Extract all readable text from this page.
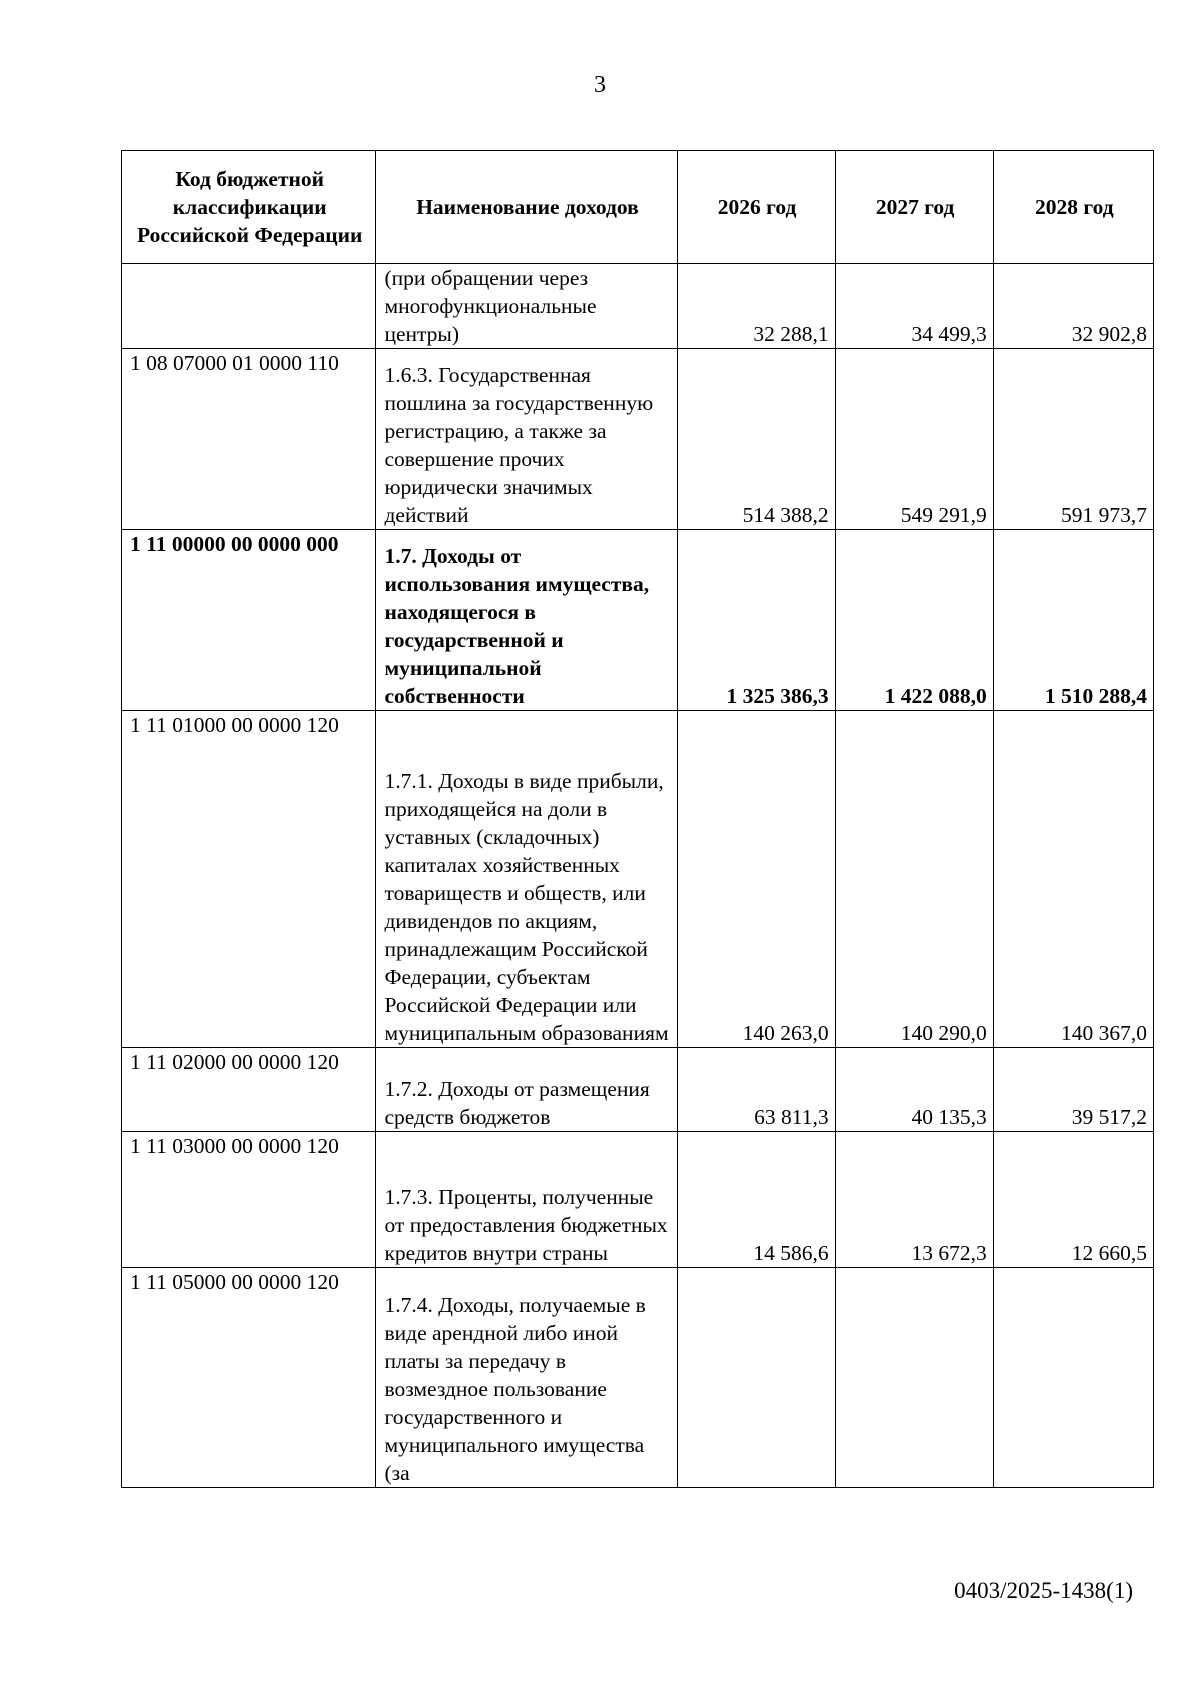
3
Код бюджетной классификации Российской Федерации	Наименование доходов	2026 год	2027 год	2028 год
	(при обращении через многофункциональные центры)	32 288,1	34 499,3	32 902,8
1 08 07000 01 0000 110	1.6.3. Государственная пошлина за государственную регистрацию, а также за совершение прочих юридически значимых действий	514 388,2	549 291,9	591 973,7
1 11 00000 00 0000 000	1.7. Доходы от использования имущества, находящегося в государственной и муниципальной собственности	1 325 386,3	1 422 088,0	1 510 288,4
1 11 01000 00 0000 120	1.7.1. Доходы в виде прибыли, приходящейся на доли в уставных (складочных) капиталах хозяйственных товариществ и обществ, или дивидендов по акциям, принадлежащим Российской Федерации, субъектам Российской Федерации или муниципальным образованиям	140 263,0	140 290,0	140 367,0
1 11 02000 00 0000 120	1.7.2. Доходы от размещения средств бюджетов	63 811,3	40 135,3	39 517,2
1 11 03000 00 0000 120	1.7.3. Проценты, полученные от предоставления бюджетных кредитов внутри страны	14 586,6	13 672,3	12 660,5
1 11 05000 00 0000 120	1.7.4. Доходы, получаемые в виде арендной либо иной платы за передачу в возмездное пользование государственного и муниципального имущества (за			
0403/2025-1438(1)
